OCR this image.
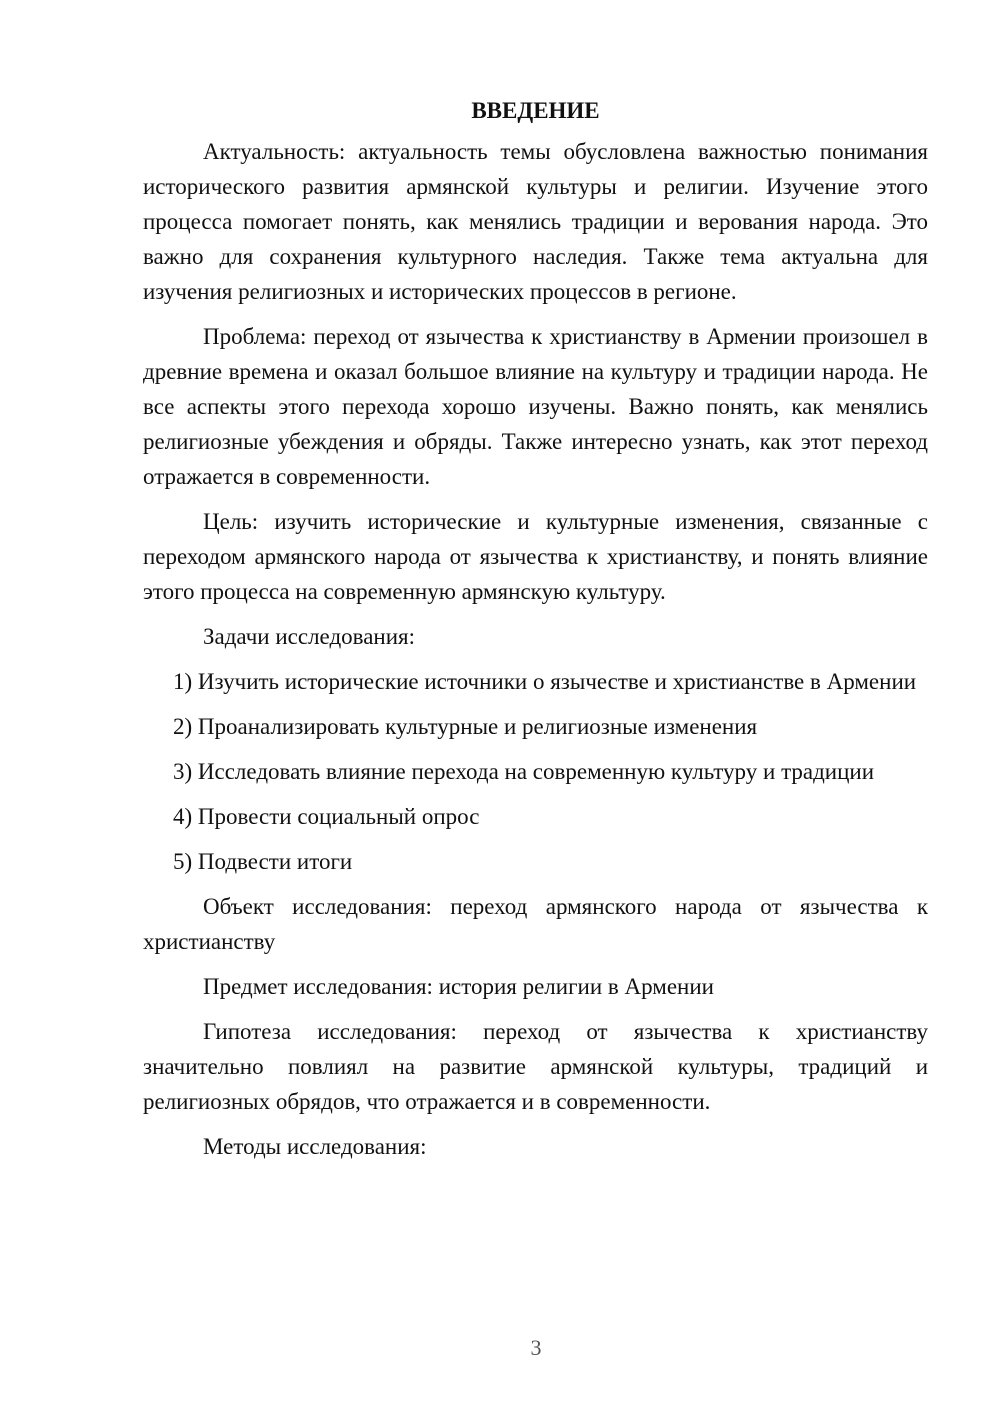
ВВЕДЕНИЕ

Актуальность: актуальность темы обусловлена важностью понимания исторического развития армянской культуры и религии. Изучение этого процесса помогает понять, как менялись традиции и верования народа. Это важно для сохранения культурного наследия. Также тема актуальна для изучения религиозных и исторических процессов в регионе.

Проблема: переход от язычества к христианству в Армении произошел в древние времена и оказал большое влияние на культуру и традиции народа. Не все аспекты этого перехода хорошо изучены. Важно понять, как менялись религиозные убеждения и обряды. Также интересно узнать, как этот переход отражается в современности.

Цель: изучить исторические и культурные изменения, связанные с переходом армянского народа от язычества к христианству, и понять влияние этого процесса на современную армянскую культуру.

Задачи исследования:

1) Изучить исторические источники о язычестве и христианстве в Армении

2) Проанализировать культурные и религиозные изменения

3) Исследовать влияние перехода на современную культуру и традиции

4) Провести социальный опрос

5) Подвести итоги

Объект исследования: переход армянского народа от язычества к христианству

Предмет исследования: история религии в Армении

Гипотеза исследования: переход от язычества к христианству значительно повлиял на развитие армянской культуры, традиций и религиозных обрядов, что отражается и в современности.

Методы исследования:

3
